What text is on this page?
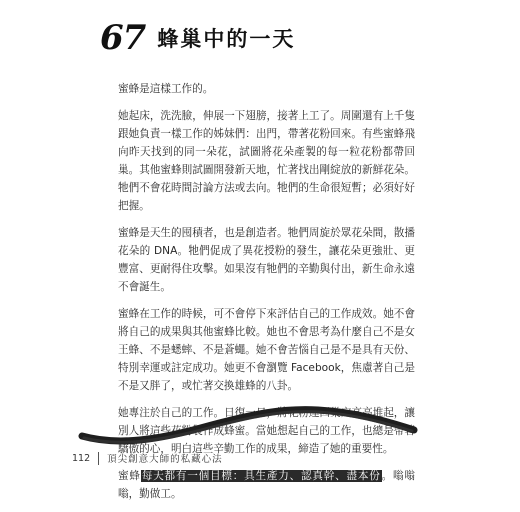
67 蜂巢中的一天

蜜蜂是這樣工作的。

她起床，洗洗臉，伸展一下翅膀，接著上工了。周圍還有上千隻跟她負責一樣工作的姊妹們：出門，帶著花粉回來。有些蜜蜂飛向昨天找到的同一朵花，試圖將花朵產製的每一粒花粉都帶回巢。其他蜜蜂則試圖開發新天地，忙著找出剛綻放的新鮮花朵。牠們不會花時間討論方法或去向。牠們的生命很短暫；必須好好把握。

蜜蜂是天生的囤積者，也是創造者。牠們周旋於眾花朵間，散播花朵的 DNA。牠們促成了異花授粉的發生，讓花朵更強壯、更豐富、更耐得住攻擊。如果沒有牠們的辛勤與付出，新生命永遠不會誕生。

蜜蜂在工作的時候，可不會停下來評估自己的工作成效。她不會將自己的成果與其他蜜蜂比較。她也不會思考為什麼自己不是女王蜂、不是蟋蟀、不是蒼蠅。她不會苦惱自己是不是具有天份、特別幸運或註定成功。她更不會瀏覽 Facebook，焦慮著自己是不是又胖了，或忙著交換雄蜂的八卦。

她專注於自己的工作。日復一日，將花粉運回巢穴高高堆起，讓別人將這些花粉製作成蜂蜜。當她想起自己的工作，也總是帶著驕傲的心，明白這些辛勤工作的成果，締造了她的重要性。

蜜蜂每天都有一個目標：具生產力、認真幹、盡本份。嗡嗡嗡，勤做工。

112 頂尖創意大師的私藏心法
